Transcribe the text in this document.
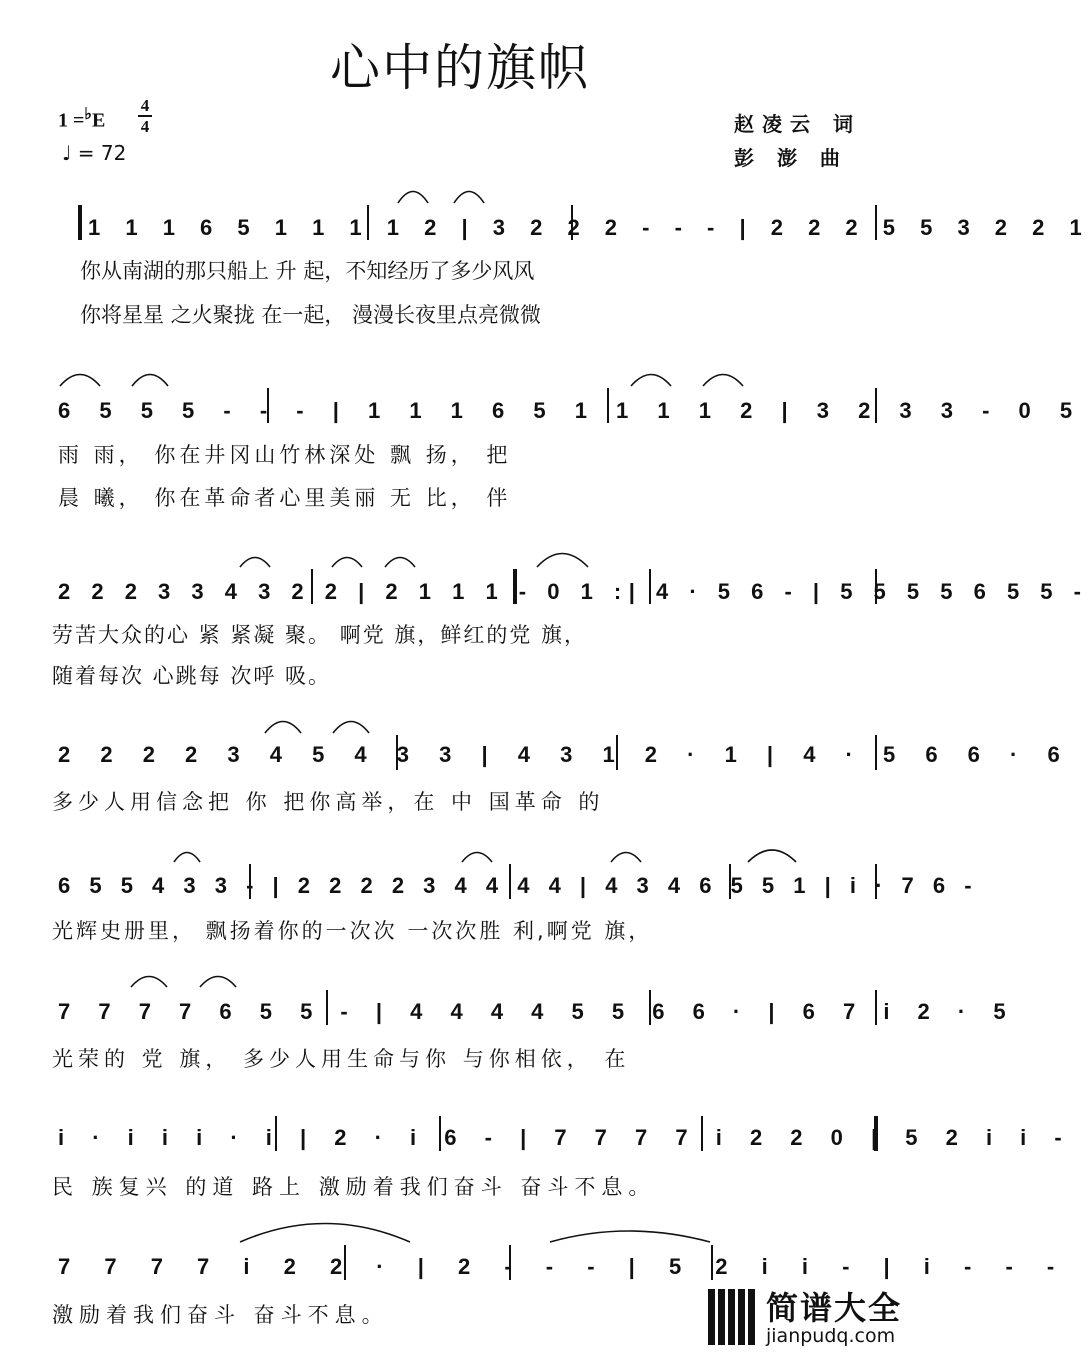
心中的旗帜
1 =♭E
4
4
♩ = 72
赵凌云 词
彭 澎 曲
1 1 1 6 5 1 1 1 1 2 | 3 2 2 2 - - - | 2 2 2 5 5 3 2 2 1
你从南湖的那只船上 升 起，不知经历了多少风风
你将星星 之火聚拢 在一起， 漫漫长夜里点亮微微
6 5 5 5 - - - | 1 1 1 6 5 1 1 1 1 2 | 3 2 3 3 - 0 5
雨 雨， 你在井冈山竹林深处 飘 扬， 把
晨 曦， 你在革命者心里美丽 无 比， 伴
2 2 2 3 3 4 3 2 2 | 2 1 1 1 - 0 1 :| 4 · 5 6 - | 5 5 5 5 6 5 5 -
劳苦大众的心 紧 紧凝 聚。 啊党 旗，鲜红的党 旗，
随着每次 心跳每 次呼 吸。
2 2 2 2 3 4 5 4 3 3 | 4 3 1 2 · 1 | 4 · 5 6 6 · 6
多少人用信念把 你 把你高举，在 中 国革命 的
6 5 5 4 3 3 - | 2 2 2 2 3 4 4 4 4 | 4 3 4 6 5 5 1 | i · 7 6 -
光辉史册里， 飘扬着你的一次次 一次次胜 利,啊党 旗，
7 7 7 7 6 5 5 - | 4 4 4 4 5 5 6 6 · | 6 7 i 2 · 5
光荣的 党 旗， 多少人用生命与你 与你相依， 在
i · i i i · i | 2 · i 6 - | 7 7 7 7 i 2 2 0 | 5 2 i i -
民 族复兴 的道 路上 激励着我们奋斗 奋斗不息。
7 7 7 7 i 2 2 · | 2 - - - | 5 2 i i - | i - - -
激励着我们奋斗 奋斗不息。	简谱大全
jianpudq.com
